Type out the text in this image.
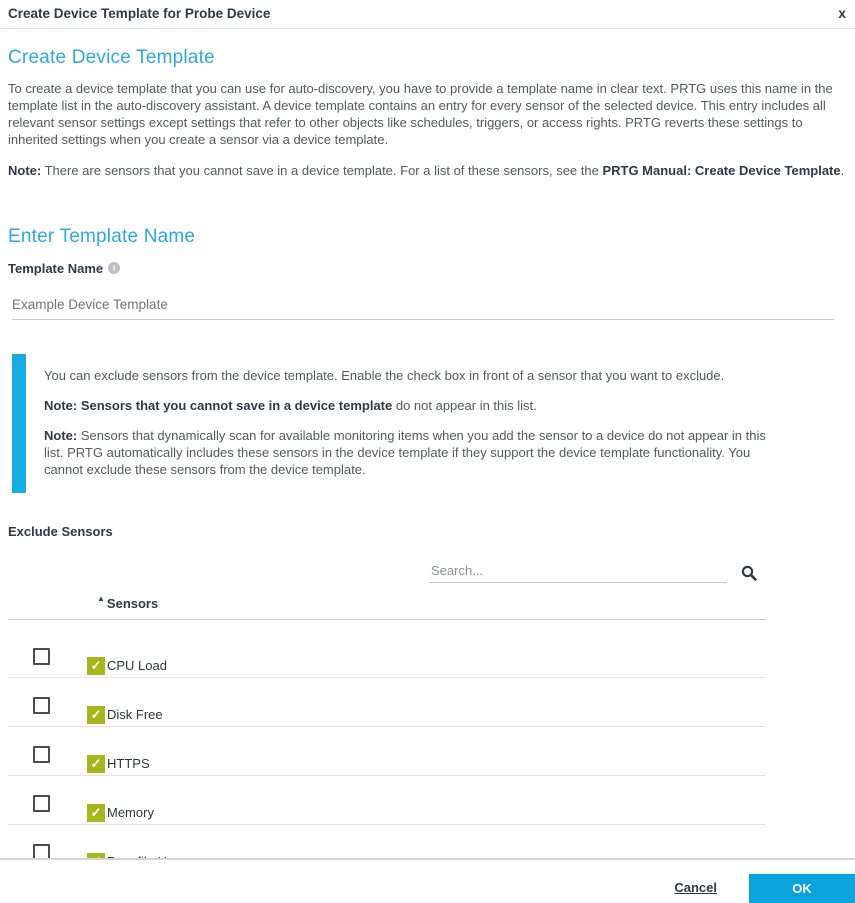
Create Device Template for Probe Device	x
Create Device Template

To create a device template that you can use for auto-discovery, you have to provide a template name in clear text. PRTG uses this name in the template list in the auto-discovery assistant. A device template contains an entry for every sensor of the selected device. This entry includes all relevant sensor settings except settings that refer to other objects like schedules, triggers, or access rights. PRTG reverts these settings to inherited settings when you create a sensor via a device template.

Note: There are sensors that you cannot save in a device template. For a list of these sensors, see the PRTG Manual: Create Device Template.

Enter Template Name
Template Name	i
Example Device Template

You can exclude sensors from the device template. Enable the check box in front of a sensor that you want to exclude.

Note: Sensors that you cannot save in a device template do not appear in this list.

Note: Sensors that dynamically scan for available monitoring items when you add the sensor to a device do not appear in this list. PRTG automatically includes these sensors in the device template if they support the device template functionality. You cannot exclude these sensors from the device template.

Exclude Sensors
Search...
▲ Sensors
✓ CPU Load
✓ Disk Free
✓ HTTPS
✓ Memory
Cancel	OK
